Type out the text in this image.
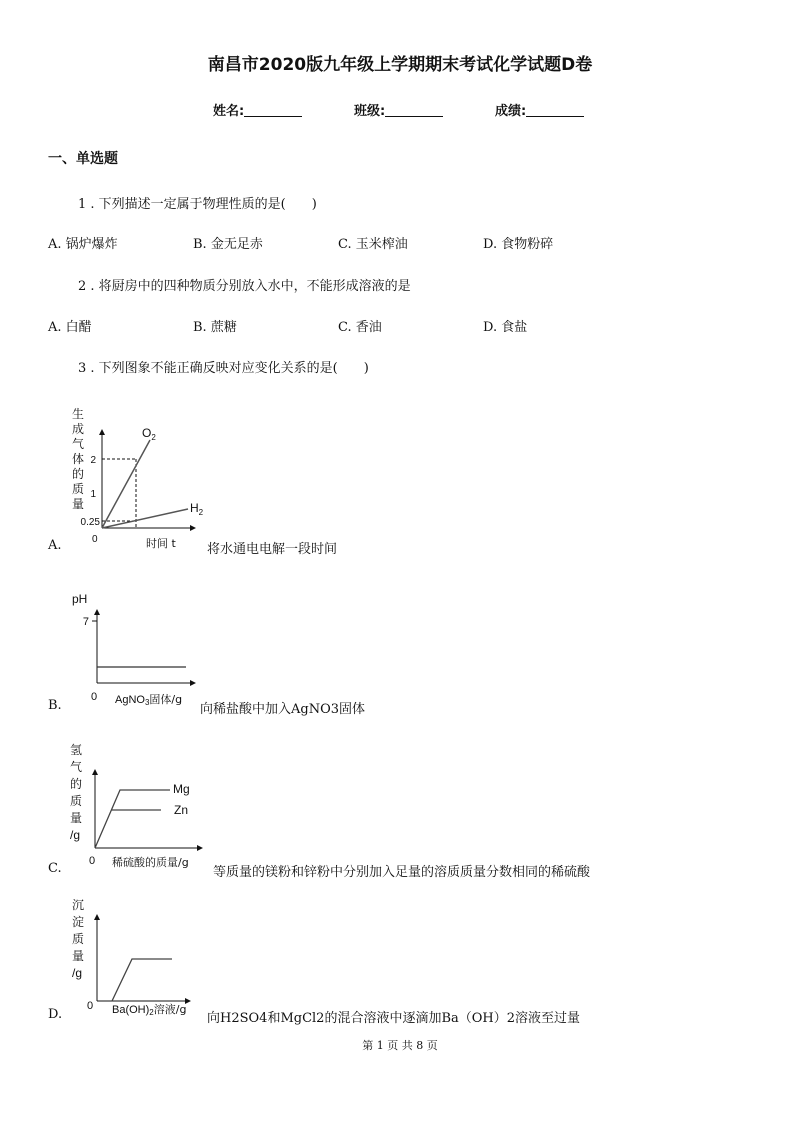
南昌市2020版九年级上学期期末考试化学试题D卷
姓名:	班级:	成绩:
一、单选题
1 . 下列描述一定属于物理性质的是(　　)
A. 锅炉爆炸	B. 金无足赤	C. 玉米榨油	D. 食物粉碎
2 . 将厨房中的四种物质分别放入水中，不能形成溶液的是
A. 白醋	B. 蔗糖	C. 香油	D. 食盐
3 . 下列图象不能正确反映对应变化关系的是(　　)
A.
生
成
气
体
的
质
量
2
1
0.25
0	时间 t
$O_2$
$H_2$
将水通电电解一段时间
B.
pH
7
0 AgNO3固体/g
向稀盐酸中加入AgNO3固体
C.
氢
气
的
质
量
/g
Mg
Zn
0 稀硫酸的质量/g
等质量的镁粉和锌粉中分别加入足量的溶质质量分数相同的稀硫酸
D.
沉
淀
质
量
/g
0 Ba(OH)2溶液/g
向H2SO4和MgCl2的混合溶液中逐滴加Ba（OH）2溶液至过量
第 1 页 共 8 页
